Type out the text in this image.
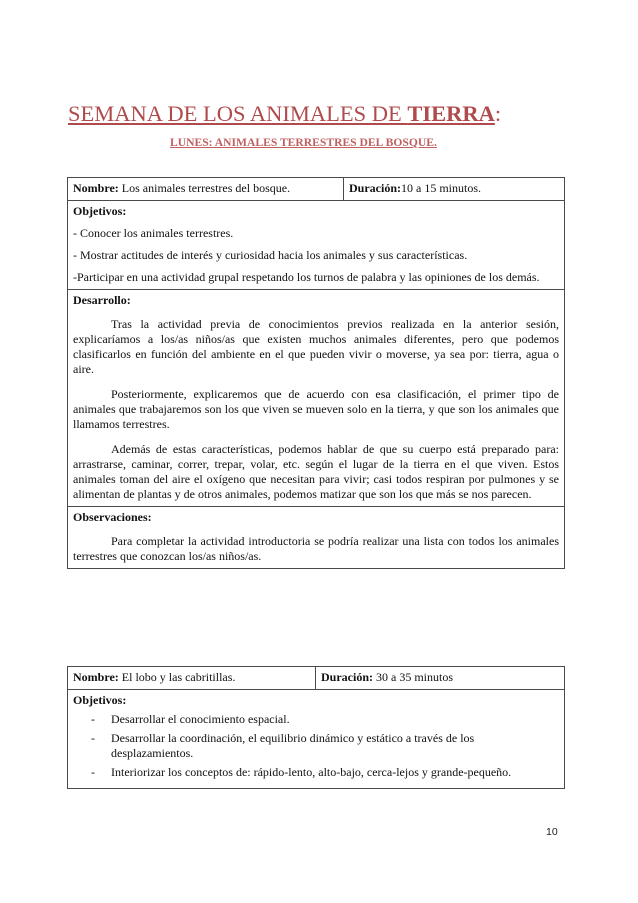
SEMANA DE LOS ANIMALES DE TIERRA:
LUNES: ANIMALES TERRESTRES DEL BOSQUE.
Nombre: Los animales terrestres del bosque.	Duración:10 a 15 minutos.

Objetivos:

- Conocer los animales terrestres.

- Mostrar actitudes de interés y curiosidad hacia los animales y sus características.

-Participar en una actividad grupal respetando los turnos de palabra y las opiniones de los demás.

Desarrollo:

Tras la actividad previa de conocimientos previos realizada en la anterior sesión, explicaríamos a los/as niños/as que existen muchos animales diferentes, pero que podemos clasificarlos en función del ambiente en el que pueden vivir o moverse, ya sea por: tierra, agua o aire.

Posteriormente, explicaremos que de acuerdo con esa clasificación, el primer tipo de animales que trabajaremos son los que viven se mueven solo en la tierra, y que son los animales que llamamos terrestres.

Además de estas características, podemos hablar de que su cuerpo está preparado para: arrastrarse, caminar, correr, trepar, volar, etc. según el lugar de la tierra en el que viven. Estos animales toman del aire el oxígeno que necesitan para vivir; casi todos respiran por pulmones y se alimentan de plantas y de otros animales, podemos matizar que son los que más se nos parecen.

Observaciones:

Para completar la actividad introductoria se podría realizar una lista con todos los animales terrestres que conozcan los/as niños/as.

Nombre: El lobo y las cabritillas.	Duración: 30 a 35 minutos

Objetivos:

- Desarrollar el conocimiento espacial.
- Desarrollar la coordinación, el equilibrio dinámico y estático a través de los desplazamientos.
- Interiorizar los conceptos de: rápido-lento, alto-bajo, cerca-lejos y grande-pequeño.
10
